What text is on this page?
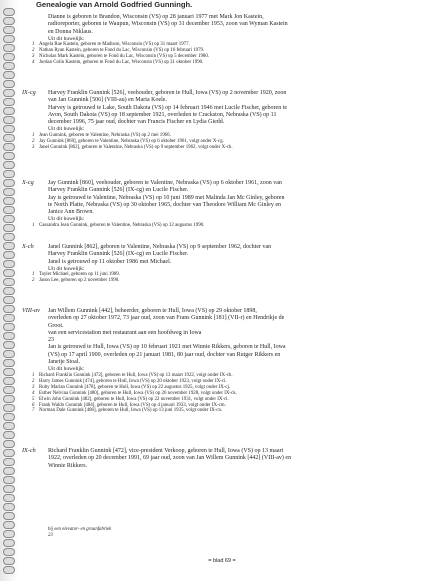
Genealogie van Arnold Godfried Gunningh.

Dianne is geboren te Brandon, Wisconsin (VS) op 28 januari 1977 met Mark Jon Kastein,

radioreporter, geboren te Waupun, Wisconsin (VS) op 31 december 1953, zoon van Wyman Kastein

en Donna Niklaus.

Uit dit huwelijk:
1 Angela Rae Kastein, geboren te Madison, Wisconsin (VS) op 31 maart 1977.
2 Nathan Ryan Kastein, geboren te Fond du Lac, Wisconsin (VS) op 16 februari 1979.
3 Nicholas Mark Kastein, geboren te Fond du Lac, Wisconsin (VS) op 5 december 1980.
4 Jordan Colin Kastein, geboren te Fond du Lac, Wisconsin (VS) op 31 oktober 1990.
IX-cg	Harvey Franklin Gunnink [526], veehouder, geboren te Hull, Iowa (VS) op 2 november 1920, zoon

van Jan Gunnink [506] (VIII-au) en Maria Koele.

Harvey is getrouwd te Lake, South Dakota (VS) op 14 februari 1946 met Lucile Fischer, geboren te

Avon, South Dakota (VS) op 18 september 1921, overleden te Crackston, Nebraska (VS) op 11

december 1996, 75 jaar oud, dochter van Francis Fischer en Lydia Giedd.

Uit dit huwelijk:
1 Jean Gunnink, geboren te Valentine, Nebraska (VS) op 2 mei 1960.
2 Jay Gunnink [860], geboren te Valentine, Nebraska (VS) op 6 oktober 1961, volgt onder X-cg.
3 Janel Gunnink [862], geboren te Valentine, Nebraska (VS) op 9 september 1962, volgt onder X-ch.
X-cg	Jay Gunnink [860], veehouder, geboren te Valentine, Nebraska (VS) op 6 oktober 1961, zoon van

Harvey Franklin Gunnink [526] (IX-cg) en Lucile Fischer.

Jay is getrouwd te Valentine, Nebraska (VS) op 10 juni 1989 met Malinda Jan Mc Ginley, geboren

te North Platte, Nebraska (VS) op 30 oktober 1965, dochter van Theodore William Mc Ginley en

Janice Ann Brown.

Uit dit huwelijk:
1 Cassandra Jean Gunnink, geboren te Valentine, Nebraska (VS) op 12 augustus 1990.
X-ch	Janel Gunnink [862], geboren te Valentine, Nebraska (VS) op 9 september 1962, dochter van

Harvey Franklin Gunnink [526] (IX-cg) en Lucile Fischer.

Janel is getrouwd op 11 oktober 1986 met Michael.

Uit dit huwelijk:
1 Tayler Michael, geboren op 11 juni 1989.
2 Jason Lee, geboren op 2 november 1990.
VIII-av	Jan Willem Gunnink [442], beheerder, geboren te Hull, Iowa (VS) op 29 oktober 1898,

overleden op 27 oktober 1972, 73 jaar oud, zoon van Frans Gunnink [181] (VII-r) en Hendrikje de

Groot.

van een servicestation met restaurant aan een hoofdweg in Iowa

23

Jan is getrouwd te Hull, Iowa (VS) op 10 februari 1921 met Winnie Rikkers, geboren te Hull, Iowa

(VS) op 17 april 1900, overleden op 21 januari 1981, 80 jaar oud, dochter van Rutger Rikkers en

Janetje Stoal.

Uit dit huwelijk:
1 Richard Franklin Gunnink [472], geboren te Hull, Iowa (VS) op 13 maart 1922, volgt onder IX-ch.
2 Harry James Gunnink [474], geboren te Hull, Iowa (VS) op 20 oktober 1923, volgt onder IX-ci.
3 Ruby Marian Gunnink [478], geboren te Hull, Iowa (VS) op 22 augustus 1925, volgt onder IX-cj.
4 Esther Nelvina Gunnink [480], geboren te Hull, Iowa (VS) op 26 november 1928, volgt onder IX-ck.
5 Elwin John Gunnink [482], geboren te Hull, Iowa (VS) op 22 november 1931, volgt onder IX-cl.
6 Frank Waldo Gunnink [484], geboren te Hull, Iowa (VS) op 4 januari 1933, volgt onder IX-cm.
7 Norman Dale Gunnink [486], geboren te Hull, Iowa (VS) op 13 juni 1935, volgt onder IX-cn.
IX-ch	Richard Franklin Gunnink [472], vice-president Verkoop, geboren te Hull, Iowa (VS) op 13 maart

1922, overleden op 20 december 1991, 69 jaar oud, zoon van Jan Willem Gunnink [442] (VIII-av) en

Winnie Rikkers.

bij een elevator- en graanfabriek
23
= blad 69 =
